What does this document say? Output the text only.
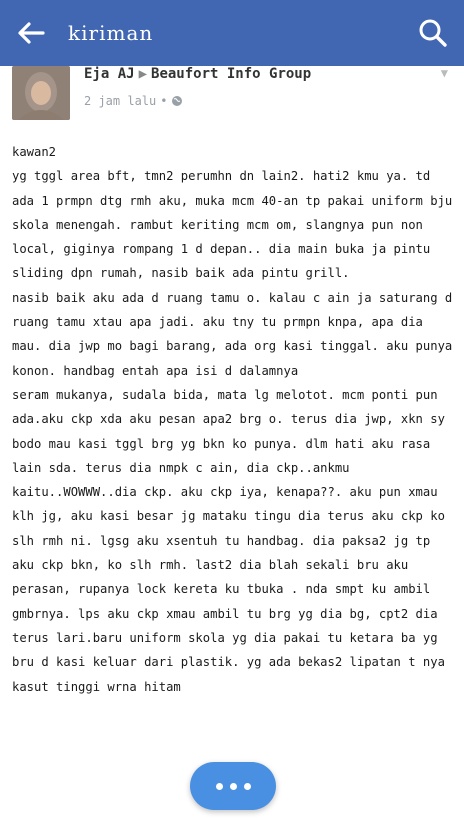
kiriman
Eja AJ ▶ Beaufort Info Group
2 jam lalu •
▼

kawan2

yg tggl area bft, tmn2 perumhn dn lain2. hati2 kmu ya. td ada 1 prmpn dtg rmh aku, muka mcm 40-an tp pakai uniform bju skola menengah. rambut keriting mcm om, slangnya pun non local, giginya rompang 1 d depan.. dia main buka ja pintu sliding dpn rumah, nasib baik ada pintu grill.

nasib baik aku ada d ruang tamu o. kalau c ain ja saturang d ruang tamu xtau apa jadi. aku tny tu prmpn knpa, apa dia mau. dia jwp mo bagi barang, ada org kasi tinggal. aku punya konon. handbag entah apa isi d dalamnya

seram mukanya, sudala bida, mata lg melotot. mcm ponti pun ada.aku ckp xda aku pesan apa2 brg o. terus dia jwp, xkn sy bodo mau kasi tggl brg yg bkn ko punya. dlm hati aku rasa lain sda. terus dia nmpk c ain, dia ckp..ankmu kaitu..WOWWW..dia ckp. aku ckp iya, kenapa??. aku pun xmau klh jg, aku kasi besar jg mataku tingu dia terus aku ckp ko slh rmh ni. lgsg aku xsentuh tu handbag. dia paksa2 jg tp aku ckp bkn, ko slh rmh. last2 dia blah sekali bru aku perasan, rupanya lock kereta ku tbuka . nda smpt ku ambil gmbrnya. lps aku ckp xmau ambil tu brg yg dia bg, cpt2 dia terus lari.baru uniform skola yg dia pakai tu ketara ba yg bru d kasi keluar dari plastik. yg ada bekas2 lipatan t nya kasut tinggi wrna hitam
